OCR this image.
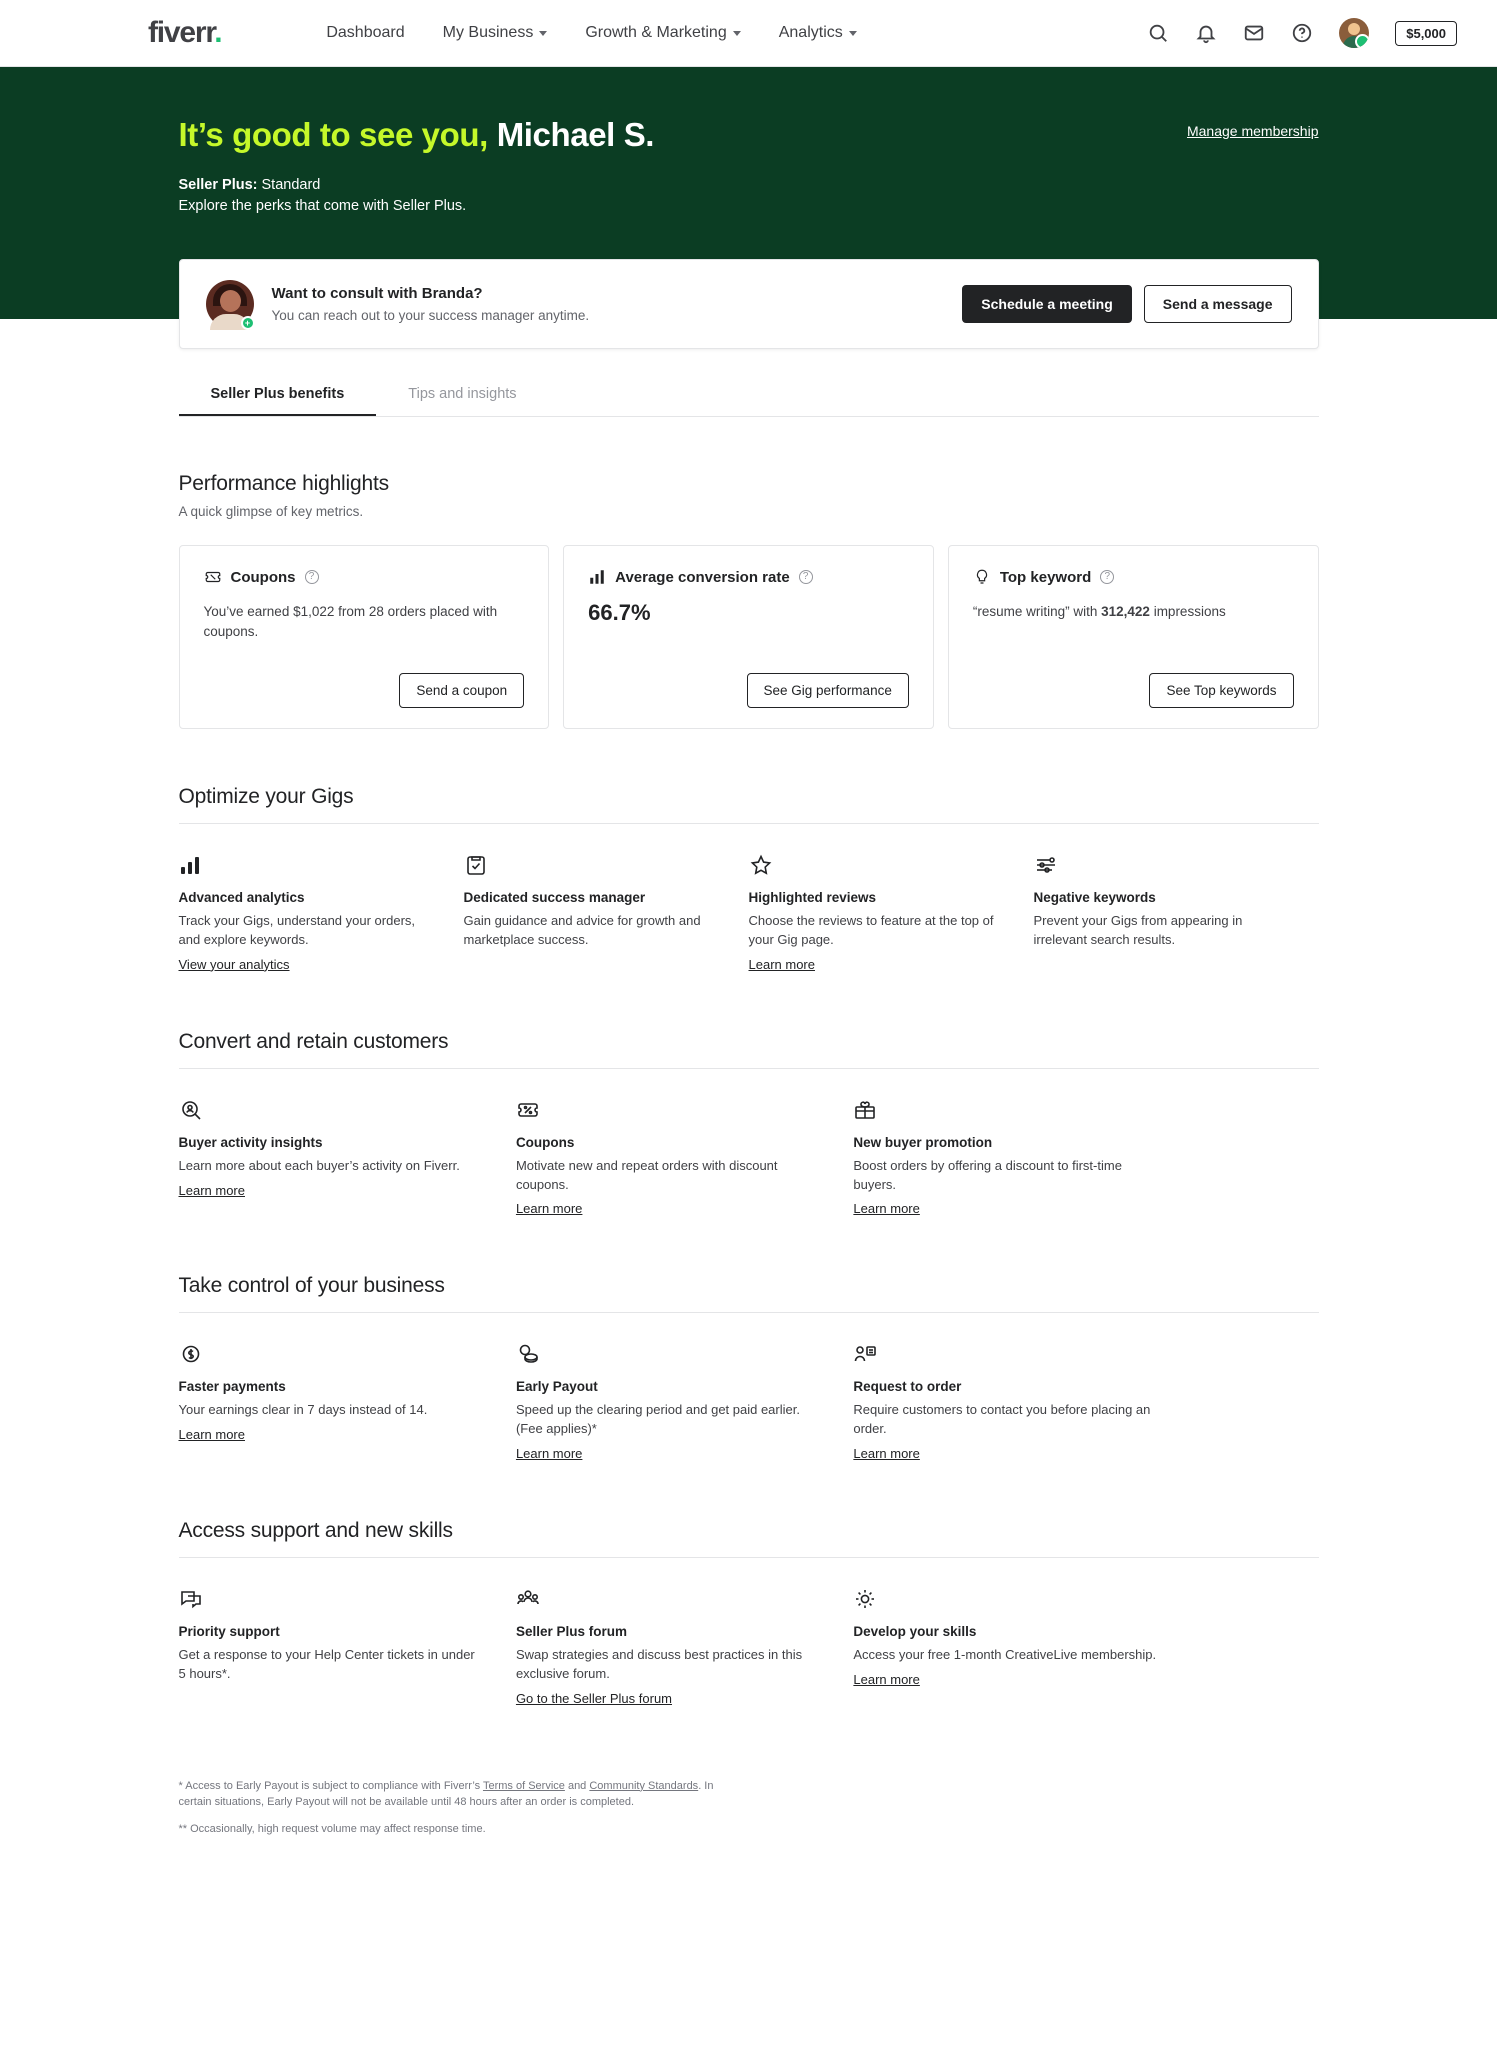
fiverr.	Dashboard My Business	Growth & Marketing	Analytics	$5,000
It’s good to see you, Michael S.
Seller Plus: Standard
Explore the perks that come with Seller Plus.
Manage membership
+
Want to consult with Branda?
You can reach out to your success manager anytime.
Schedule a meeting	Send a message
Seller Plus benefits	Tips and insights
Performance highlights
A quick glimpse of key metrics.
Coupons	?
You’ve earned $1,022 from 28 orders placed with coupons.
Send a coupon
Average conversion rate	?
66.7%
See Gig performance
Top keyword	?
“resume writing” with 312,422 impressions
See Top keywords
Optimize your Gigs
Advanced analytics
Track your Gigs, understand your orders, and explore keywords.
View your analytics
Dedicated success manager
Gain guidance and advice for growth and marketplace success.
Highlighted reviews
Choose the reviews to feature at the top of your Gig page.
Learn more
Negative keywords
Prevent your Gigs from appearing in irrelevant search results.
Convert and retain customers
Buyer activity insights
Learn more about each buyer’s activity on Fiverr.
Learn more
Coupons
Motivate new and repeat orders with discount coupons.
Learn more
New buyer promotion
Boost orders by offering a discount to first-time buyers.
Learn more
Take control of your business
Faster payments
Your earnings clear in 7 days instead of 14.
Learn more
Early Payout
Speed up the clearing period and get paid earlier. (Fee applies)*
Learn more
Request to order
Require customers to contact you before placing an order.
Learn more
Access support and new skills
Priority support
Get a response to your Help Center tickets in under 5 hours*.
Seller Plus forum
Swap strategies and discuss best practices in this exclusive forum.
Go to the Seller Plus forum
Develop your skills
Access your free 1-month CreativeLive membership.
Learn more
* Access to Early Payout is subject to compliance with Fiverr’s Terms of Service and Community Standards. In certain situations, Early Payout will not be available until 48 hours after an order is completed.
** Occasionally, high request volume may affect response time.
